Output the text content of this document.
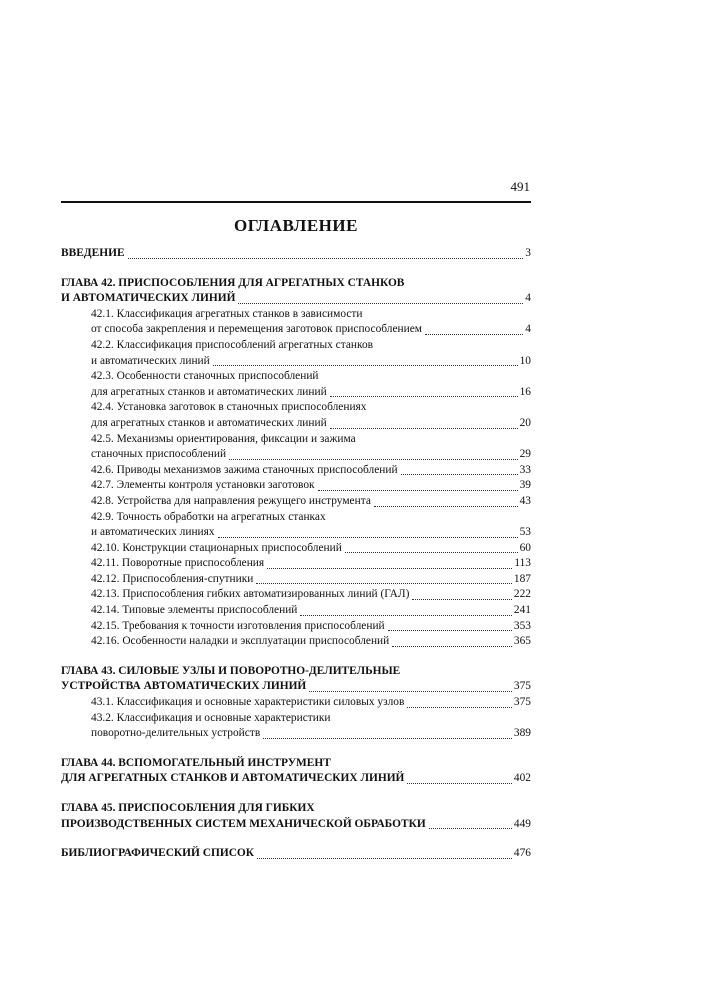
491
ОГЛАВЛЕНИЕ
ВВЕДЕНИЕ	3
ГЛАВА 42. ПРИСПОСОБЛЕНИЯ ДЛЯ АГРЕГАТНЫХ СТАНКОВ
И АВТОМАТИЧЕСКИХ ЛИНИЙ	4
42.1. Классификация агрегатных станков в зависимости
от способа закрепления и перемещения заготовок приспособлением	4
42.2. Классификация приспособлений агрегатных станков
и автоматических линий	10
42.3. Особенности станочных приспособлений
для агрегатных станков и автоматических линий	16
42.4. Установка заготовок в станочных приспособлениях
для агрегатных станков и автоматических линий	20
42.5. Механизмы ориентирования, фиксации и зажима
станочных приспособлений	29
42.6. Приводы механизмов зажима станочных приспособлений	33
42.7. Элементы контроля установки заготовок	39
42.8. Устройства для направления режущего инструмента	43
42.9. Точность обработки на агрегатных станках
и автоматических линиях	53
42.10. Конструкции стационарных приспособлений	60
42.11. Поворотные приспособления	113
42.12. Приспособления-спутники	187
42.13. Приспособления гибких автоматизированных линий (ГАЛ)	222
42.14. Типовые элементы приспособлений	241
42.15. Требования к точности изготовления приспособлений	353
42.16. Особенности наладки и эксплуатации приспособлений	365
ГЛАВА 43. СИЛОВЫЕ УЗЛЫ И ПОВОРОТНО-ДЕЛИТЕЛЬНЫЕ
УСТРОЙСТВА АВТОМАТИЧЕСКИХ ЛИНИЙ	375
43.1. Классификация и основные характеристики силовых узлов	375
43.2. Классификация и основные характеристики
поворотно-делительных устройств	389
ГЛАВА 44. ВСПОМОГАТЕЛЬНЫЙ ИНСТРУМЕНТ
ДЛЯ АГРЕГАТНЫХ СТАНКОВ И АВТОМАТИЧЕСКИХ ЛИНИЙ	402
ГЛАВА 45. ПРИСПОСОБЛЕНИЯ ДЛЯ ГИБКИХ
ПРОИЗВОДСТВЕННЫХ СИСТЕМ МЕХАНИЧЕСКОЙ ОБРАБОТКИ	449
БИБЛИОГРАФИЧЕСКИЙ СПИСОК	476
